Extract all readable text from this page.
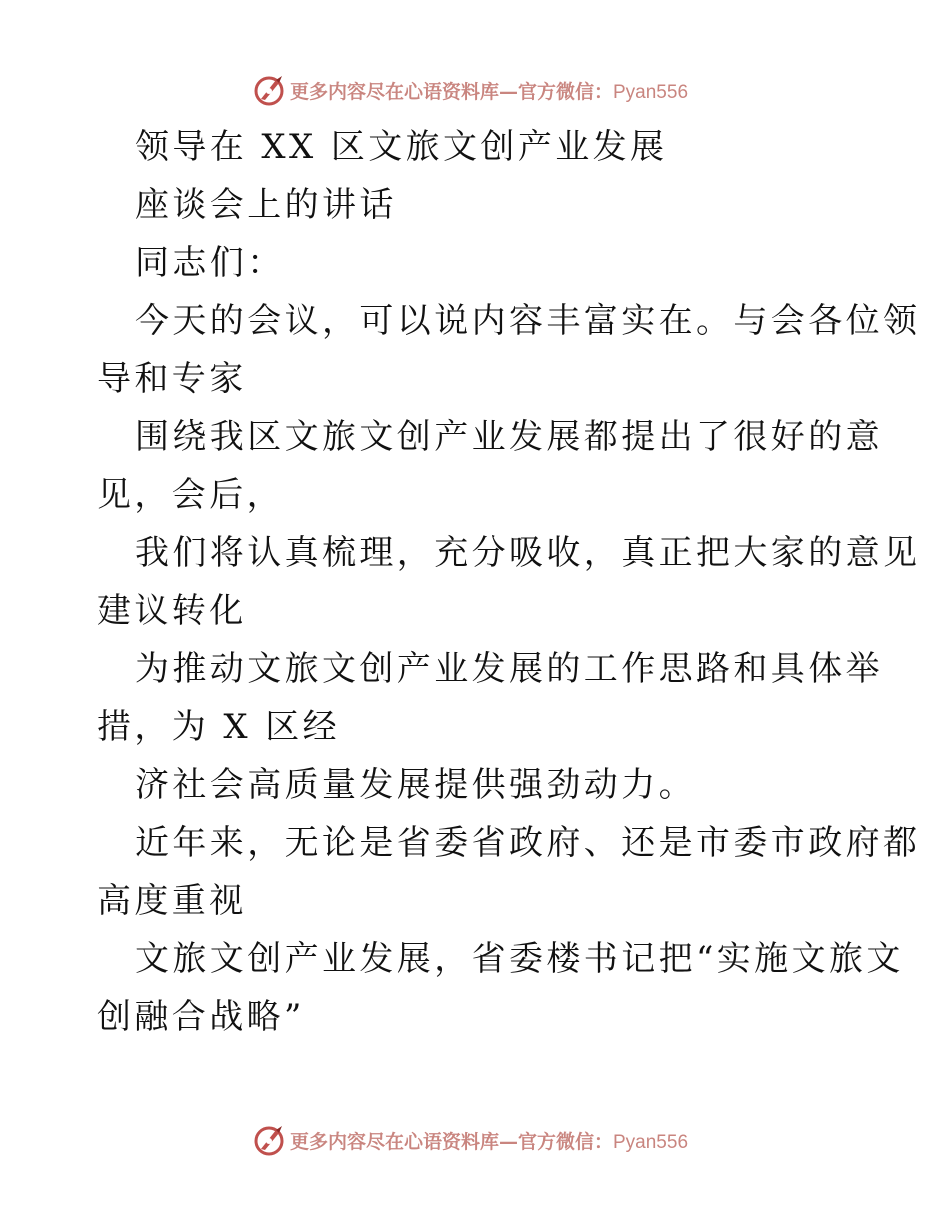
更多内容尽在心语资料库—官方微信：Pyan556
领导在 XX 区文旅文创产业发展
座谈会上的讲话
同志们：
今天的会议，可以说内容丰富实在。与会各位领
导和专家
围绕我区文旅文创产业发展都提出了很好的意
见，会后，
我们将认真梳理，充分吸收，真正把大家的意见
建议转化
为推动文旅文创产业发展的工作思路和具体举
措，为 X 区经
济社会高质量发展提供强劲动力。
近年来，无论是省委省政府、还是市委市政府都
高度重视
文旅文创产业发展，省委楼书记把“实施文旅文
创融合战略”
更多内容尽在心语资料库—官方微信：Pyan556
